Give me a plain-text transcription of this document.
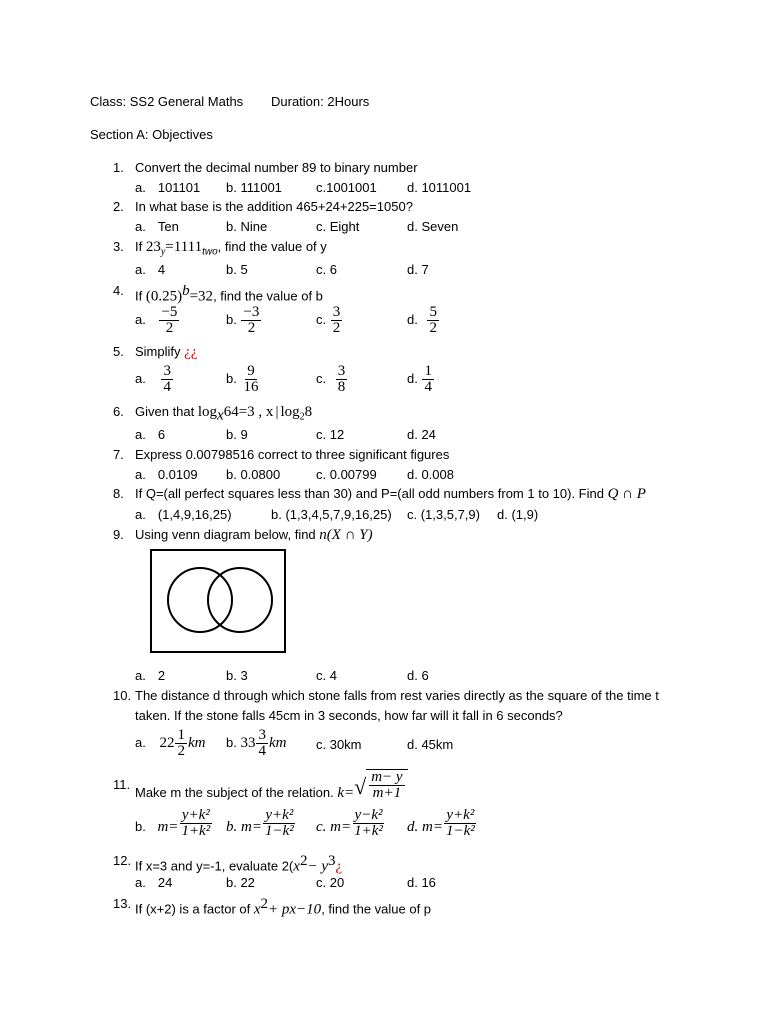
Class: SS2 General Maths Duration: 2Hours
Section A: Objectives
1. Convert the decimal number 89 to binary number
a. 101101 b. 111001	c.1001001 d. 1011001
2. In what base is the addition 465+24+225=1050?
a. Ten	b. Nine	c. Eight	d. Seven
3. If $23_y=1111_{two}$, find the value of y
a. 4	b. 5	c. 6	d. 7
4. If $(0.25)^b=32$, find the value of b
a. $\frac{-5}{2}$	b. $\frac{-3}{2}$	c. $\frac{3}{2}$	d. $\frac{5}{2}$
5. Simplify ¿¿
a. $\frac{3}{4}$	b. $\frac{9}{16}$	c. $\frac{3}{8}$	d. $\frac{1}{4}$
6. Given that $\log_x64=3$ , x | $\log_28$
a. 6	b. 9	c. 12	d. 24
7. Express 0.00798516 correct to three significant figures
a. 0.0109 b. 0.0800	c. 0.00799 d. 0.008
8. If Q=(all perfect squares less than 30) and P=(all odd numbers from 1 to 10). Find Q ∩ P
a. (1,4,9,16,25)	b. (1,3,4,5,7,9,16,25) c. (1,3,5,7,9) d. (1,9)
9. Using venn diagram below, find n(X ∩ Y)
a. 2	b. 3	c. 4	d. 6
10. The distance d through which stone falls from rest varies directly as the square of the time t
taken. If the stone falls 45cm in 3 seconds, how far will it fall in 6 seconds?
a. $22 \frac{1}{2}$ km b. $33 \frac{3}{4}$ km c. 30km	d. 45km
11.
Make m the subject of the relation. $k=√ \frac{m- y}{m+1}$
b. $m= \frac{\text{y+k²}}{\text{1+k²}} b$. $m= \frac{\text{y+k²}}{\text{1−k²}} c$. $m= \frac{\text{y−k²}}{\text{1+k²}} d$. $m= \frac{\text{y+k²}}{\text{1−k²}}$
12. If x=3 and y=-1, evaluate $2(x^2-$ $y^3¿$
a. 24	b. 22	c. 20	d. 16
13. If (x+2) is a factor of $x^2+ px-10$, find the value of p
